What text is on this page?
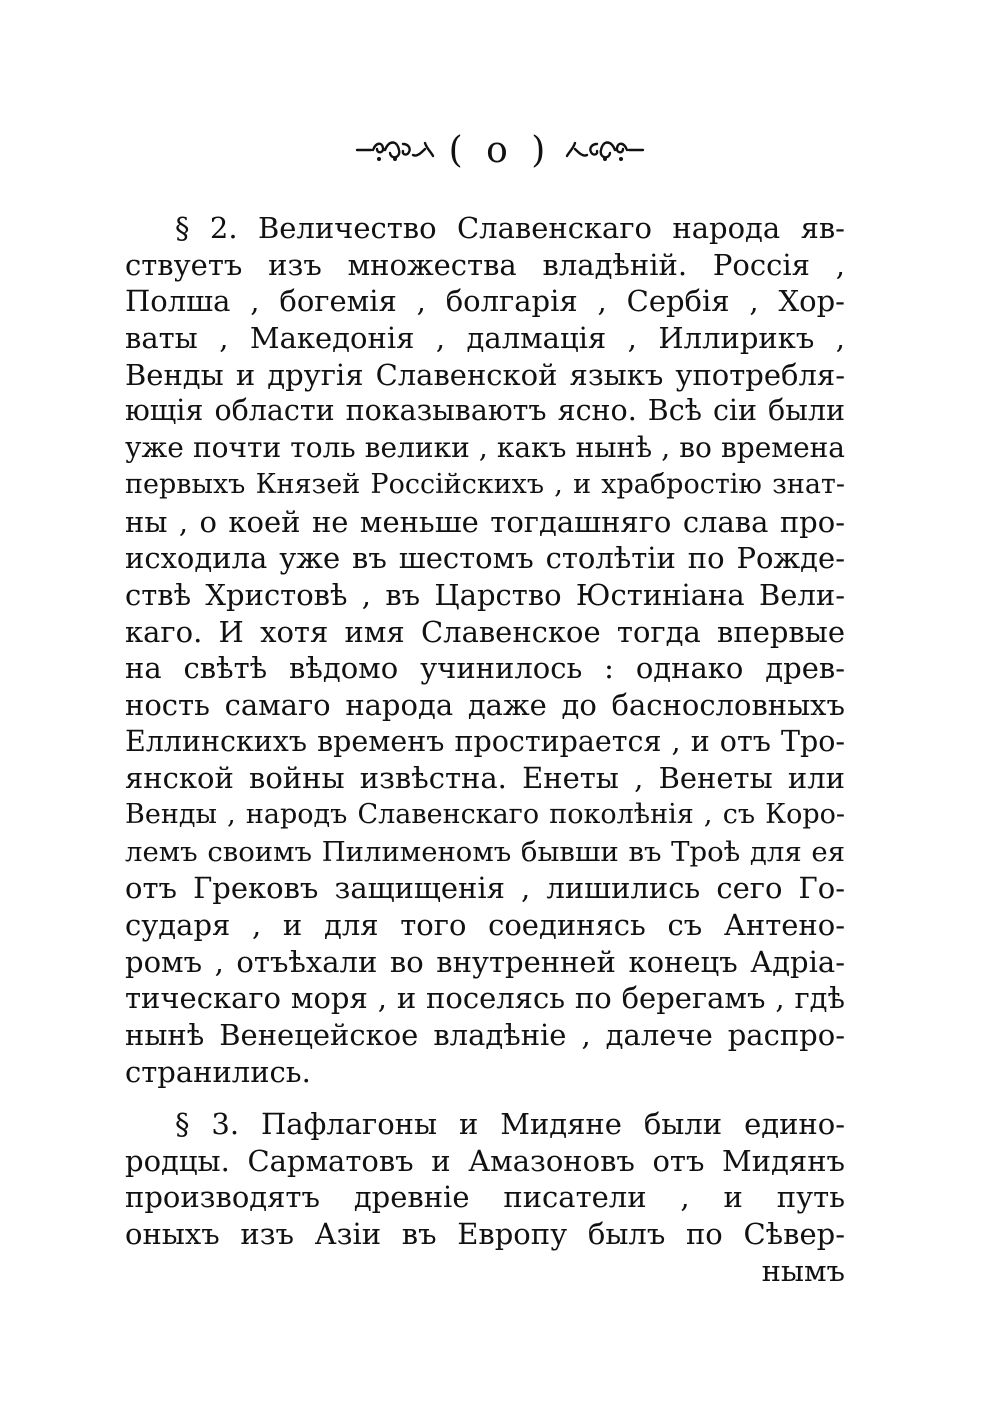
( o )
§ 2. Величество Славенскаго народа яв-
ствуетъ изъ множества владѣнiй. Россiя ,
Полша , богемiя , болгарiя , Сербiя , Хор-
ваты , Македонiя , далмацiя , Иллирикъ ,
Венды и другiя Славенской языкъ употребля-
ющiя области показываютъ ясно. Всѣ сiи были
уже почти толь велики , какъ нынѣ , во времена
первыхъ Князей Россiйскихъ , и храбростiю знат-
ны , о коей не меньше тогдашняго слава про-
исходила уже въ шестомъ столѣтiи по Рожде-
ствѣ Христовѣ , въ Царство Юстинiана Вели-
каго. И хотя имя Славенское тогда впервые
на свѣтѣ вѣдомо учинилось : однако древ-
ность самаго народа даже до баснословныхъ
Еллинскихъ временъ простирается , и отъ Тро-
янской войны извѣстна. Енеты , Венеты или
Венды , народъ Славенскаго поколѣнiя , съ Коро-
лемъ своимъ Пилименомъ бывши въ Троѣ для ея
отъ Грековъ защищенiя , лишились сего Го-
сударя , и для того соединясь съ Антено-
ромъ , отъѣхали во внутренней конецъ Адрiа-
тическаго моря , и поселясь по берегамъ , гдѣ
нынѣ Венецейское владѣнiе , далече распро-
странились.
§ 3. Пафлагоны и Мидяне были едино-
родцы. Сарматовъ и Амазоновъ отъ Мидянъ
производятъ древнiе писатели , и путь
оныхъ изъ Азiи въ Европу былъ по Сѣвер-
нымъ
